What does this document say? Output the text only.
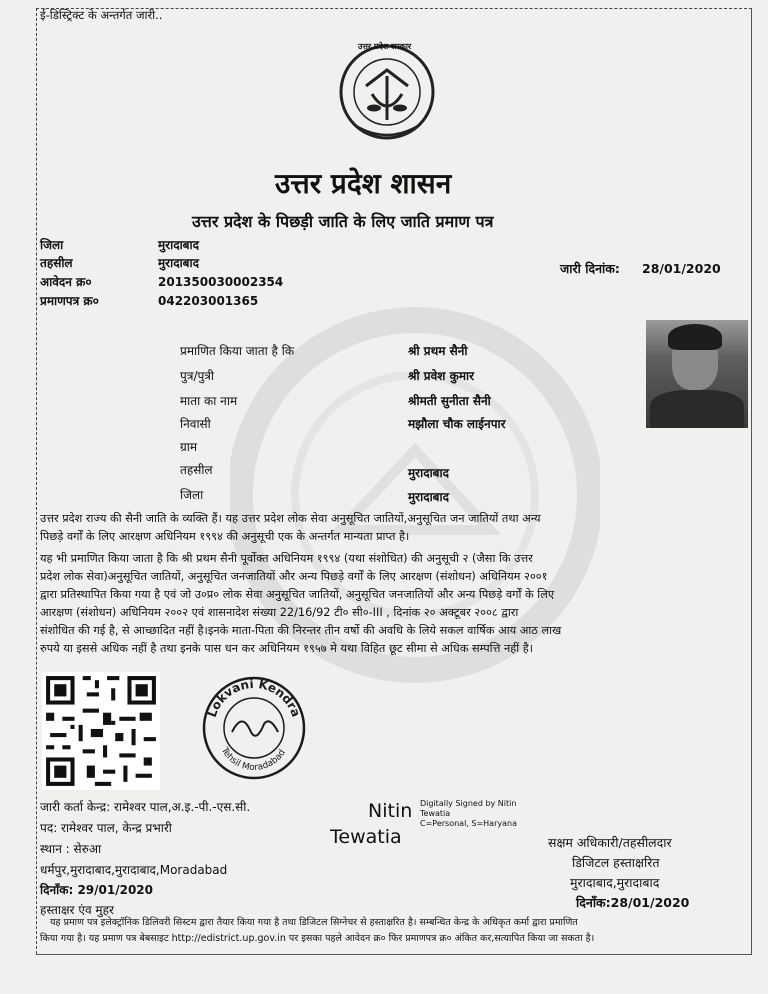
ई-डिस्ट्रिक्ट के अन्तर्गत जारी..
उत्तर प्रदेश सरकार
उत्तर प्रदेश शासन
उत्तर प्रदेश के पिछड़ी जाति के लिए जाति प्रमाण पत्र
जिला	मुरादाबाद
तहसील	मुरादाबाद
आवेदन क्र०	201350030002354
प्रमाणपत्र क्र०	042203001365
जारी दिनांक: 28/01/2020
प्रमाणित किया जाता है कि	श्री प्रथम सैनी
पुत्र/पुत्री	श्री प्रवेश कुमार
माता का नाम	श्रीमती सुनीता सैनी
निवासी	मझौला चौक लाईनपार
ग्राम
तहसील	मुरादाबाद
जिला	मुरादाबाद
उत्तर प्रदेश राज्य की सैनी जाति के व्यक्ति हैं। यह उत्तर प्रदेश लोक सेवा अनुसूचित जातियों,अनुसूचित जन जातियों तथा अन्य
पिछड़े वर्गों के लिए आरक्षण अधिनियम १९९४ की अनुसूची एक के अन्तर्गत मान्यता प्राप्त है।
यह भी प्रमाणित किया जाता है कि श्री प्रथम सैनी पूर्वोक्त अधिनियम १९९४ (यथा संशोधित) की अनुसूची २ (जैसा कि उत्तर
प्रदेश लोक सेवा)अनुसूचित जातियों, अनुसूचित जनजातियों और अन्य पिछड़े वर्गों के लिए आरक्षण (संशोधन) अधिनियम २००१
द्वारा प्रतिस्थापित किया गया है एवं जो उ०प्र० लोक सेवा अनुसूचित जातियों, अनुसूचित जनजातियों और अन्य पिछड़े वर्गों के लिए
आरक्षण (संशोधन) अधिनियम २००२ एवं शासनादेश संख्या 22/16/92 टी० सी०-III , दिनांक २० अक्टूबर २००८ द्वारा
संशोधित की गई है, से आच्छादित नहीं है।इनके माता-पिता की निरन्तर तीन वर्षो की अवधि के लिये सकल वार्षिक आय आठ लाख
रुपये या इससे अधिक नहीं है तथा इनके पास धन कर अधिनियम १९५७ मे यथा विहित छूट सीमा से अधिक सम्पत्ति नहीं है।
Lokvani Kendra
Tehsil Moradabad
जारी कर्ता केन्द्र: रामेश्वर पाल,अ.इ.-पी.-एस.सी.
पद: रामेश्वर पाल, केन्द्र प्रभारी
स्थान : सेरुआ
धर्मपुर,मुरादाबाद,मुरादाबाद,Moradabad
दिनाँक: 29/01/2020
हस्ताक्षर एंव मुहर
Nitin
Tewatia
Digitally Signed by Nitin
Tewatia
C=Personal, S=Haryana
सक्षम अधिकारी/तहसीलदार
डिजिटल हस्ताक्षरित
मुरादाबाद,मुरादाबाद
दिनाँक:28/01/2020
यह प्रमाण पत्र इलेक्ट्रॉनिक डिलिवरी सिस्टम द्वारा तैयार किया गया है तथा डिजिटल सिग्नेचर से हस्ताक्षरित है। सम्बन्धित केन्द्र के अधिकृत कर्मा द्वारा प्रमाणित
किया गया है। यह प्रमाण पत्र बेबसाइट http://edistrict.up.gov.in पर इसका पहले आवेदन क्र० फिर प्रमाणपत्र क्र० अंकित कर,सत्यापित किया जा सकता है।
